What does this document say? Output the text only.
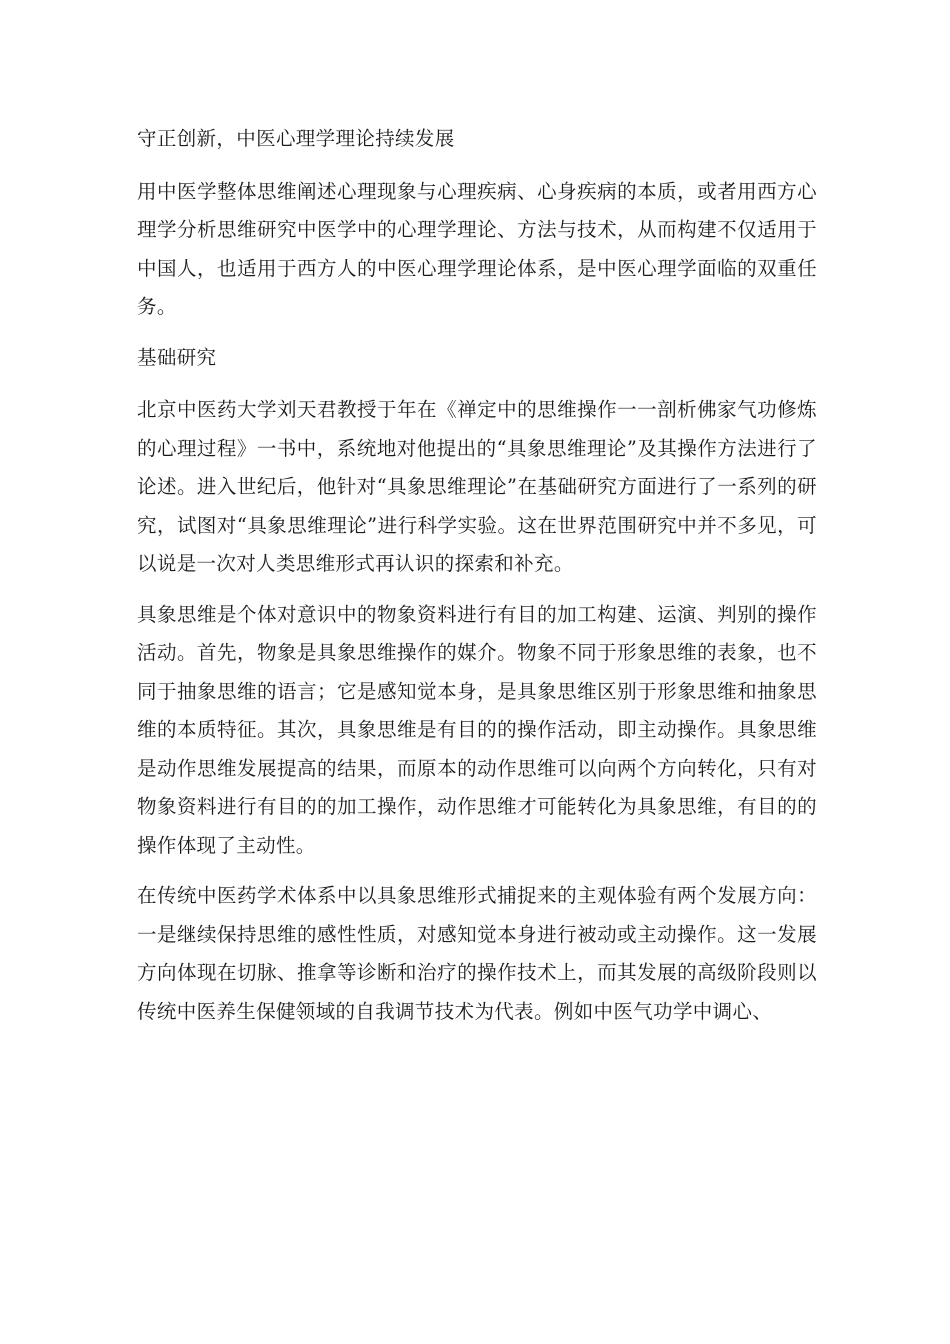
守正创新，中医心理学理论持续发展

用中医学整体思维阐述心理现象与心理疾病、心身疾病的本质，或者用西方心理学分析思维研究中医学中的心理学理论、方法与技术，从而构建不仅适用于中国人，也适用于西方人的中医心理学理论体系，是中医心理学面临的双重任务。

基础研究

北京中医药大学刘天君教授于年在《禅定中的思维操作一一剖析佛家气功修炼的心理过程》一书中，系统地对他提出的“具象思维理论”及其操作方法进行了论述。进入世纪后，他针对“具象思维理论”在基础研究方面进行了一系列的研究，试图对“具象思维理论”进行科学实验。这在世界范围研究中并不多见，可以说是一次对人类思维形式再认识的探索和补充。

具象思维是个体对意识中的物象资料进行有目的加工构建、运演、判别的操作活动。首先，物象是具象思维操作的媒介。物象不同于形象思维的表象，也不同于抽象思维的语言；它是感知觉本身，是具象思维区别于形象思维和抽象思维的本质特征。其次，具象思维是有目的的操作活动，即主动操作。具象思维是动作思维发展提高的结果，而原本的动作思维可以向两个方向转化，只有对物象资料进行有目的的加工操作，动作思维才可能转化为具象思维，有目的的操作体现了主动性。

在传统中医药学术体系中以具象思维形式捕捉来的主观体验有两个发展方向：一是继续保持思维的感性性质，对感知觉本身进行被动或主动操作。这一发展方向体现在切脉、推拿等诊断和治疗的操作技术上，而其发展的高级阶段则以传统中医养生保健领域的自我调节技术为代表。例如中医气功学中调心、
